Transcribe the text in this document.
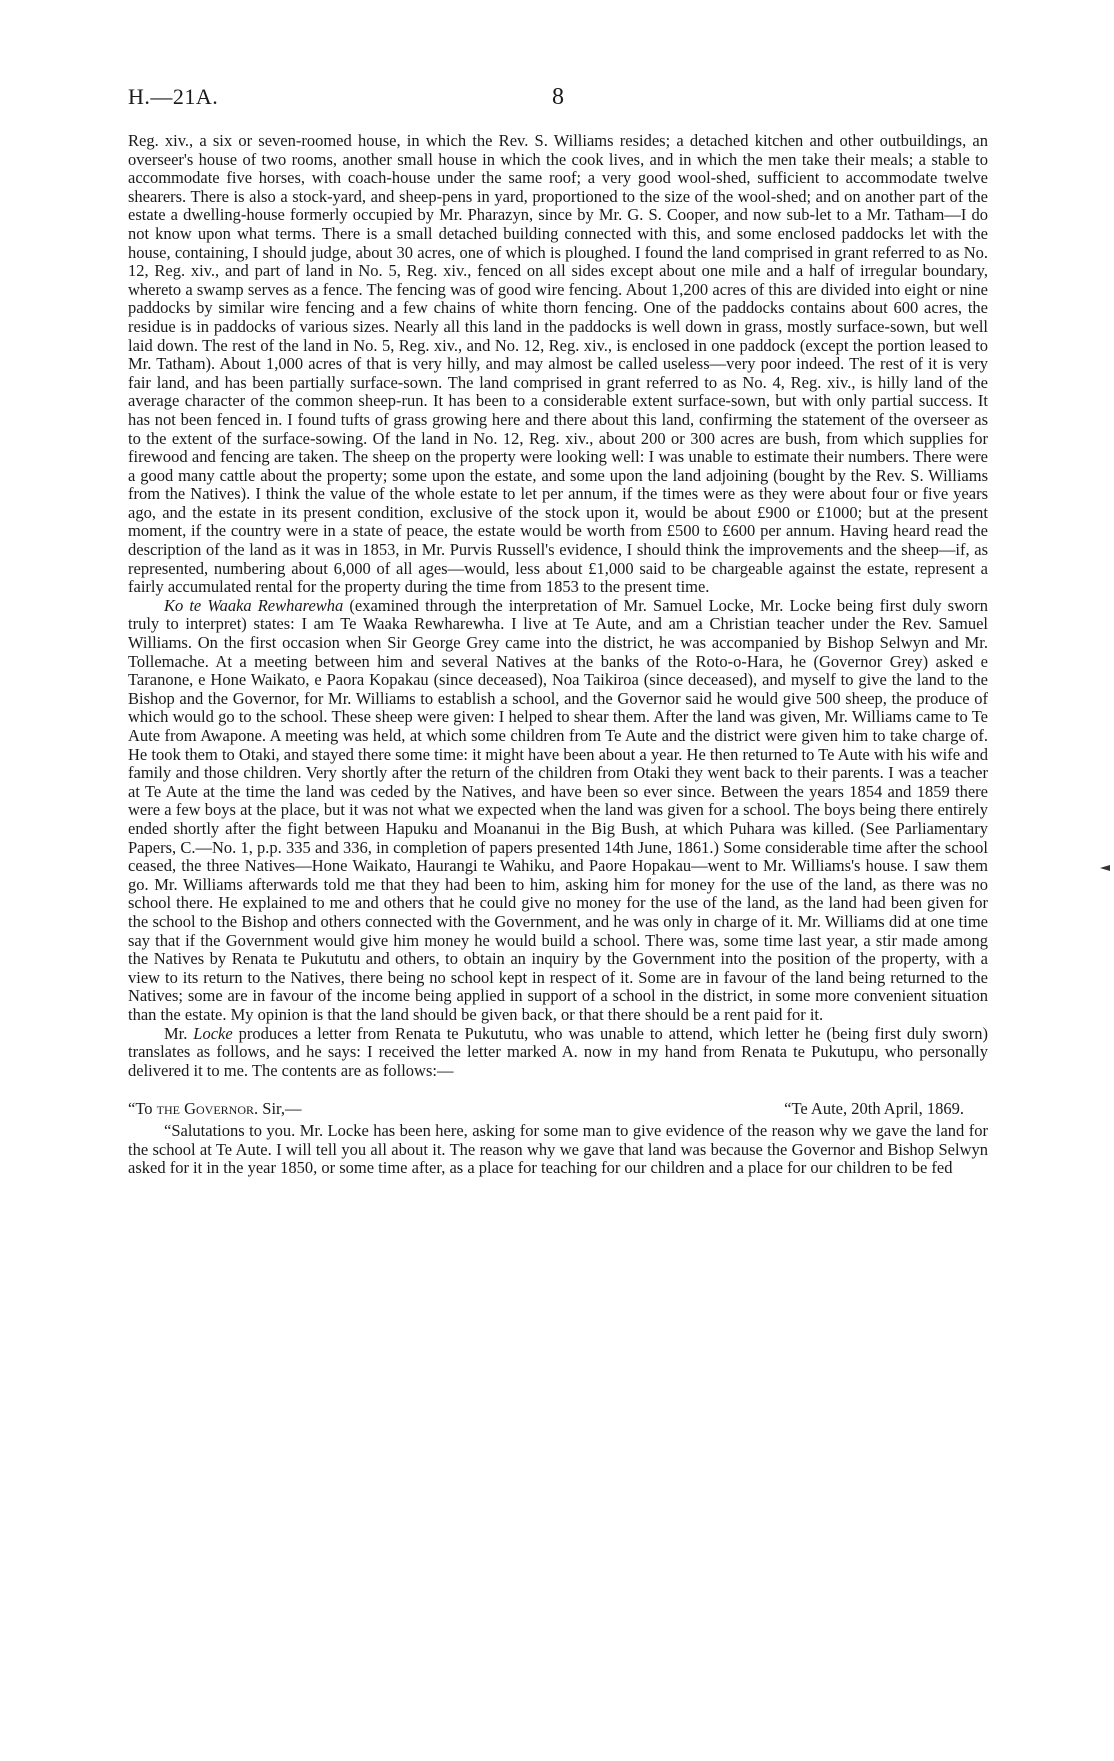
H.—21A.	8

Reg. xiv., a six or seven-roomed house, in which the Rev. S. Williams resides; a detached kitchen and other outbuildings, an overseer's house of two rooms, another small house in which the cook lives, and in which the men take their meals; a stable to accommodate five horses, with coach-house under the same roof; a very good wool-shed, sufficient to accommodate twelve shearers. There is also a stock-yard, and sheep-pens in yard, proportioned to the size of the wool-shed; and on another part of the estate a dwelling-house formerly occupied by Mr. Pharazyn, since by Mr. G. S. Cooper, and now sub-let to a Mr. Tatham—I do not know upon what terms. There is a small detached building connected with this, and some enclosed paddocks let with the house, containing, I should judge, about 30 acres, one of which is ploughed. I found the land comprised in grant referred to as No. 12, Reg. xiv., and part of land in No. 5, Reg. xiv., fenced on all sides except about one mile and a half of irregular boundary, whereto a swamp serves as a fence. The fencing was of good wire fencing. About 1,200 acres of this are divided into eight or nine paddocks by similar wire fencing and a few chains of white thorn fencing. One of the paddocks contains about 600 acres, the residue is in paddocks of various sizes. Nearly all this land in the paddocks is well down in grass, mostly surface-sown, but well laid down. The rest of the land in No. 5, Reg. xiv., and No. 12, Reg. xiv., is enclosed in one paddock (except the portion leased to Mr. Tatham). About 1,000 acres of that is very hilly, and may almost be called useless—very poor indeed. The rest of it is very fair land, and has been partially surface-sown. The land comprised in grant referred to as No. 4, Reg. xiv., is hilly land of the average character of the common sheep-run. It has been to a considerable extent surface-sown, but with only partial success. It has not been fenced in. I found tufts of grass growing here and there about this land, confirming the statement of the overseer as to the extent of the surface-sowing. Of the land in No. 12, Reg. xiv., about 200 or 300 acres are bush, from which supplies for firewood and fencing are taken. The sheep on the property were looking well: I was unable to estimate their numbers. There were a good many cattle about the property; some upon the estate, and some upon the land adjoining (bought by the Rev. S. Williams from the Natives). I think the value of the whole estate to let per annum, if the times were as they were about four or five years ago, and the estate in its present condition, exclusive of the stock upon it, would be about £900 or £1000; but at the present moment, if the country were in a state of peace, the estate would be worth from £500 to £600 per annum. Having heard read the description of the land as it was in 1853, in Mr. Purvis Russell's evidence, I should think the improvements and the sheep—if, as represented, numbering about 6,000 of all ages—would, less about £1,000 said to be chargeable against the estate, represent a fairly accumulated rental for the property during the time from 1853 to the present time.

Ko te Waaka Rewharewha (examined through the interpretation of Mr. Samuel Locke, Mr. Locke being first duly sworn truly to interpret) states: I am Te Waaka Rewharewha. I live at Te Aute, and am a Christian teacher under the Rev. Samuel Williams. On the first occasion when Sir George Grey came into the district, he was accompanied by Bishop Selwyn and Mr. Tollemache. At a meeting between him and several Natives at the banks of the Roto-o-Hara, he (Governor Grey) asked e Taranone, e Hone Waikato, e Paora Kopakau (since deceased), Noa Taikiroa (since deceased), and myself to give the land to the Bishop and the Governor, for Mr. Williams to establish a school, and the Governor said he would give 500 sheep, the produce of which would go to the school. These sheep were given: I helped to shear them. After the land was given, Mr. Williams came to Te Aute from Awapone. A meeting was held, at which some children from Te Aute and the district were given him to take charge of. He took them to Otaki, and stayed there some time: it might have been about a year. He then returned to Te Aute with his wife and family and those children. Very shortly after the return of the children from Otaki they went back to their parents. I was a teacher at Te Aute at the time the land was ceded by the Natives, and have been so ever since. Between the years 1854 and 1859 there were a few boys at the place, but it was not what we expected when the land was given for a school. The boys being there entirely ended shortly after the fight between Hapuku and Moananui in the Big Bush, at which Puhara was killed. (See Parliamentary Papers, C.—No. 1, p.p. 335 and 336, in completion of papers presented 14th June, 1861.) Some considerable time after the school ceased, the three Natives—Hone Waikato, Haurangi te Wahiku, and Paore Hopakau—went to Mr. Williams's house. I saw them go. Mr. Williams afterwards told me that they had been to him, asking him for money for the use of the land, as there was no school there. He explained to me and others that he could give no money for the use of the land, as the land had been given for the school to the Bishop and others connected with the Government, and he was only in charge of it. Mr. Williams did at one time say that if the Government would give him money he would build a school. There was, some time last year, a stir made among the Natives by Renata te Pukututu and others, to obtain an inquiry by the Government into the position of the property, with a view to its return to the Natives, there being no school kept in respect of it. Some are in favour of the land being returned to the Natives; some are in favour of the income being applied in support of a school in the district, in some more convenient situation than the estate. My opinion is that the land should be given back, or that there should be a rent paid for it.

Mr. Locke produces a letter from Renata te Pukututu, who was unable to attend, which letter he (being first duly sworn) translates as follows, and he says: I received the letter marked A. now in my hand from Renata te Pukutupu, who personally delivered it to me. The contents are as follows:—

“To the Governor. Sir,—	“Te Aute, 20th April, 1869.

“Salutations to you. Mr. Locke has been here, asking for some man to give evidence of the reason why we gave the land for the school at Te Aute. I will tell you all about it. The reason why we gave that land was because the Governor and Bishop Selwyn asked for it in the year 1850, or some time after, as a place for teaching for our children and a place for our children to be fed
